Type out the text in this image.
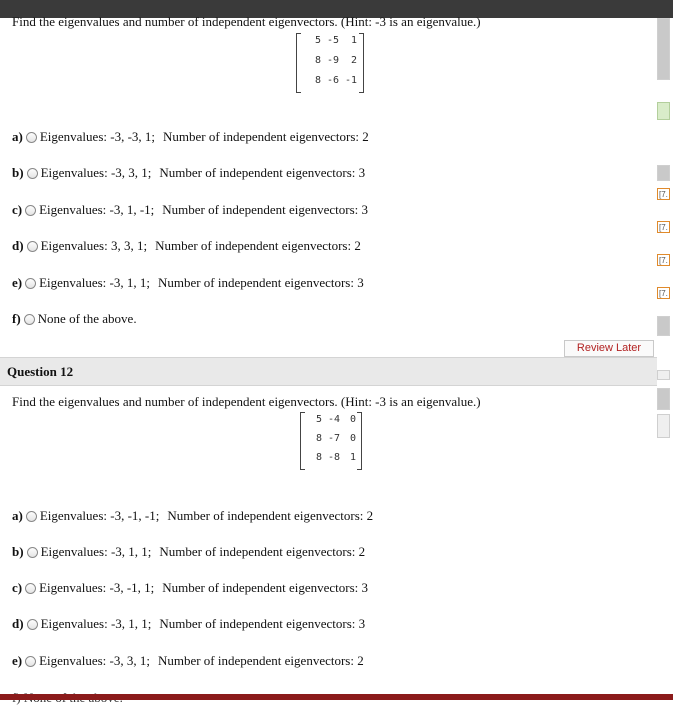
Find the eigenvalues and number of independent eigenvectors. (Hint: -3 is an eigenvalue.)
5 -5	1
8 -9	2
8 -6 -1
a) Eigenvalues: -3, -3, 1; Number of independent eigenvectors: 2
b) Eigenvalues: -3, 3, 1; Number of independent eigenvectors: 3
c) Eigenvalues: -3, 1, -1; Number of independent eigenvectors: 3
d) Eigenvalues: 3, 3, 1; Number of independent eigenvectors: 2
e) Eigenvalues: -3, 1, 1; Number of independent eigenvectors: 3
f) None of the above.
Review Later
Question 12
Find the eigenvalues and number of independent eigenvectors. (Hint: -3 is an eigenvalue.)
5 -4 0
8 -7 0
8 -8 1
a) Eigenvalues: -3, -1, -1; Number of independent eigenvectors: 2
b) Eigenvalues: -3, 1, 1; Number of independent eigenvectors: 2
c) Eigenvalues: -3, -1, 1; Number of independent eigenvectors: 3
d) Eigenvalues: -3, 1, 1; Number of independent eigenvectors: 3
e) Eigenvalues: -3, 3, 1; Number of independent eigenvectors: 2
[7.
[7.
[7.
[7.
